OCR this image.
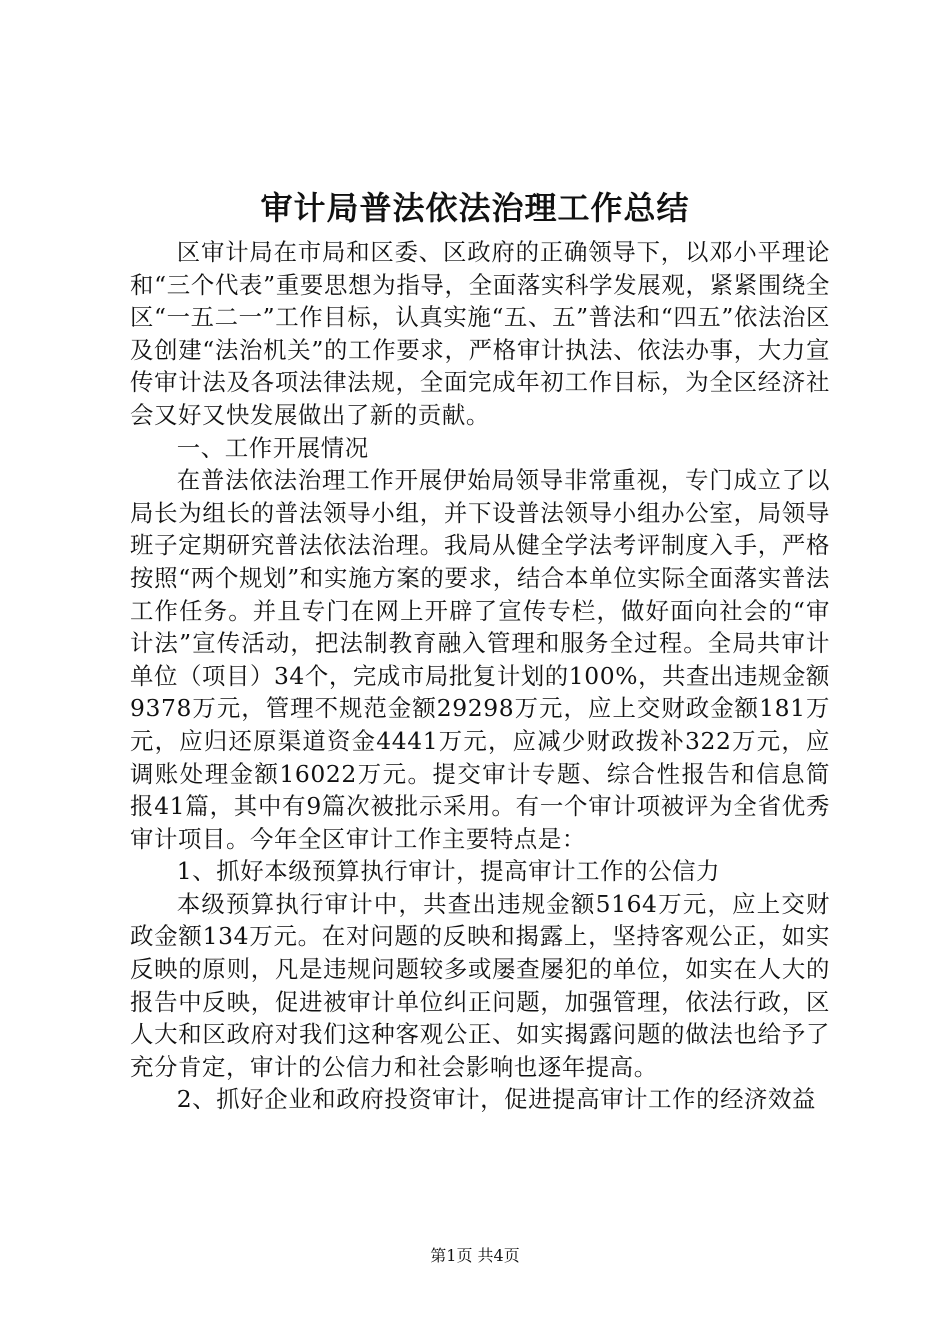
审计局普法依法治理工作总结

区审计局在市局和区委、区政府的正确领导下，以邓小平理论和“三个代表”重要思想为指导，全面落实科学发展观，紧紧围绕全区“一五二一”工作目标，认真实施“五、五”普法和“四五”依法治区及创建“法治机关”的工作要求，严格审计执法、依法办事，大力宣传审计法及各项法律法规，全面完成年初工作目标，为全区经济社会又好又快发展做出了新的贡献。

一、工作开展情况

在普法依法治理工作开展伊始局领导非常重视，专门成立了以局长为组长的普法领导小组，并下设普法领导小组办公室，局领导班子定期研究普法依法治理。我局从健全学法考评制度入手，严格按照“两个规划”和实施方案的要求，结合本单位实际全面落实普法工作任务。并且专门在网上开辟了宣传专栏，做好面向社会的“审计法”宣传活动，把法制教育融入管理和服务全过程。全局共审计单位（项目）34个，完成市局批复计划的100%，共查出违规金额9378万元，管理不规范金额29298万元，应上交财政金额181万元，应归还原渠道资金4441万元，应减少财政拨补322万元，应调账处理金额16022万元。提交审计专题、综合性报告和信息简报41篇，其中有9篇次被批示采用。有一个审计项被评为全省优秀审计项目。今年全区审计工作主要特点是：

1、抓好本级预算执行审计，提高审计工作的公信力

本级预算执行审计中，共查出违规金额5164万元，应上交财政金额134万元。在对问题的反映和揭露上，坚持客观公正，如实反映的原则，凡是违规问题较多或屡查屡犯的单位，如实在人大的报告中反映，促进被审计单位纠正问题，加强管理，依法行政，区人大和区政府对我们这种客观公正、如实揭露问题的做法也给予了充分肯定，审计的公信力和社会影响也逐年提高。

2、抓好企业和政府投资审计，促进提高审计工作的经济效益

第1页 共4页
